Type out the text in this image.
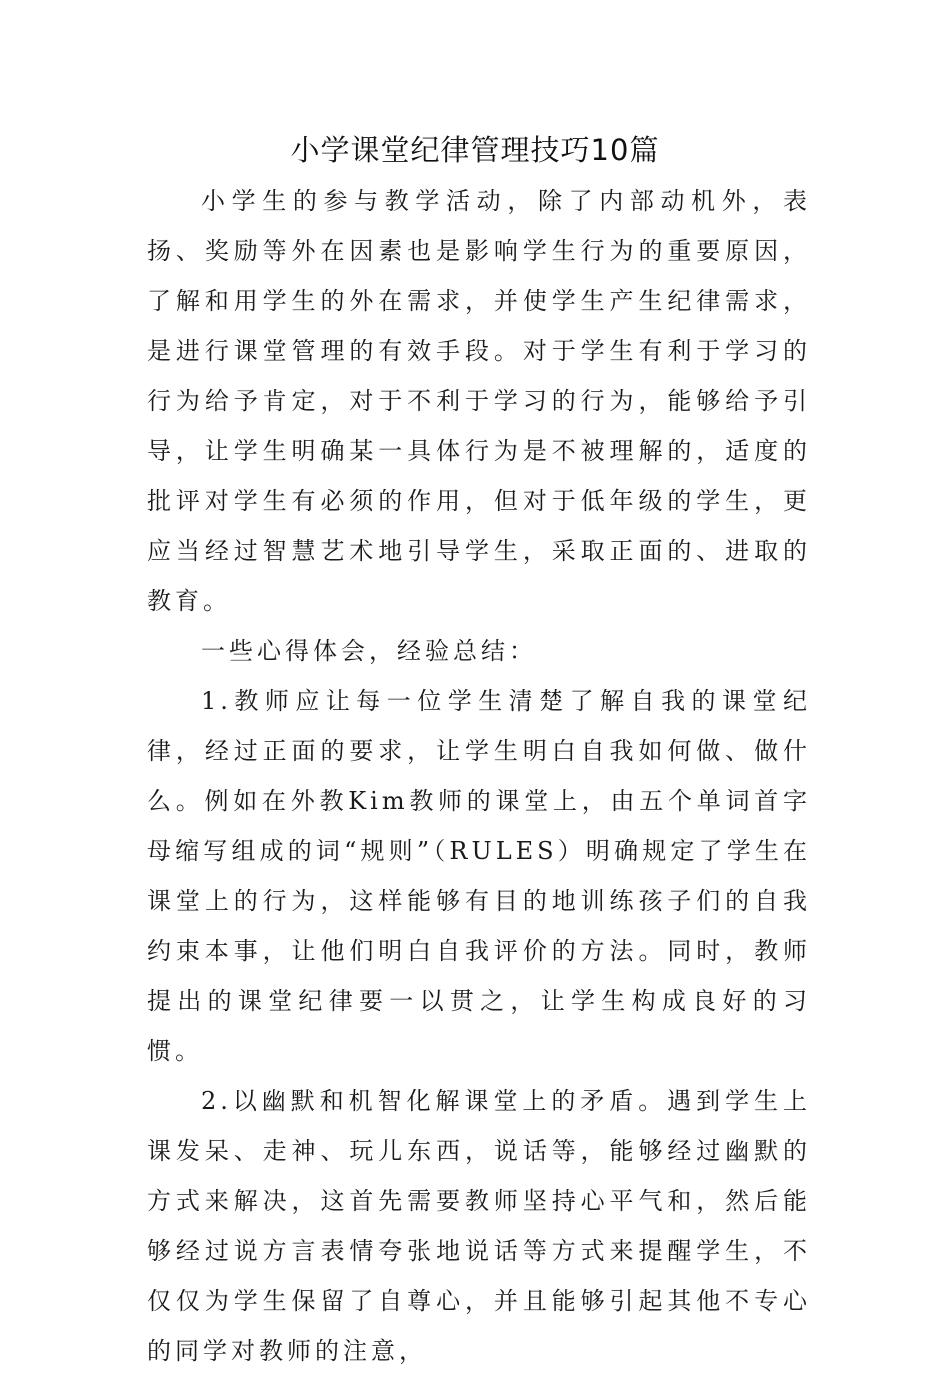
小学课堂纪律管理技巧10篇

小学生的参与教学活动，除了内部动机外，表扬、奖励等外在因素也是影响学生行为的重要原因，了解和用学生的外在需求，并使学生产生纪律需求，是进行课堂管理的有效手段。对于学生有利于学习的行为给予肯定，对于不利于学习的行为，能够给予引导，让学生明确某一具体行为是不被理解的，适度的批评对学生有必须的作用，但对于低年级的学生，更应当经过智慧艺术地引导学生，采取正面的、进取的教育。

一些心得体会，经验总结：

1.教师应让每一位学生清楚了解自我的课堂纪律，经过正面的要求，让学生明白自我如何做、做什么。例如在外教Kim教师的课堂上，由五个单词首字母缩写组成的词“规则”（RULES）明确规定了学生在课堂上的行为，这样能够有目的地训练孩子们的自我约束本事，让他们明白自我评价的方法。同时，教师提出的课堂纪律要一以贯之，让学生构成良好的习惯。

2.以幽默和机智化解课堂上的矛盾。遇到学生上课发呆、走神、玩儿东西，说话等，能够经过幽默的方式来解决，这首先需要教师坚持心平气和，然后能够经过说方言表情夸张地说话等方式来提醒学生，不仅仅为学生保留了自尊心，并且能够引起其他不专心的同学对教师的注意，
